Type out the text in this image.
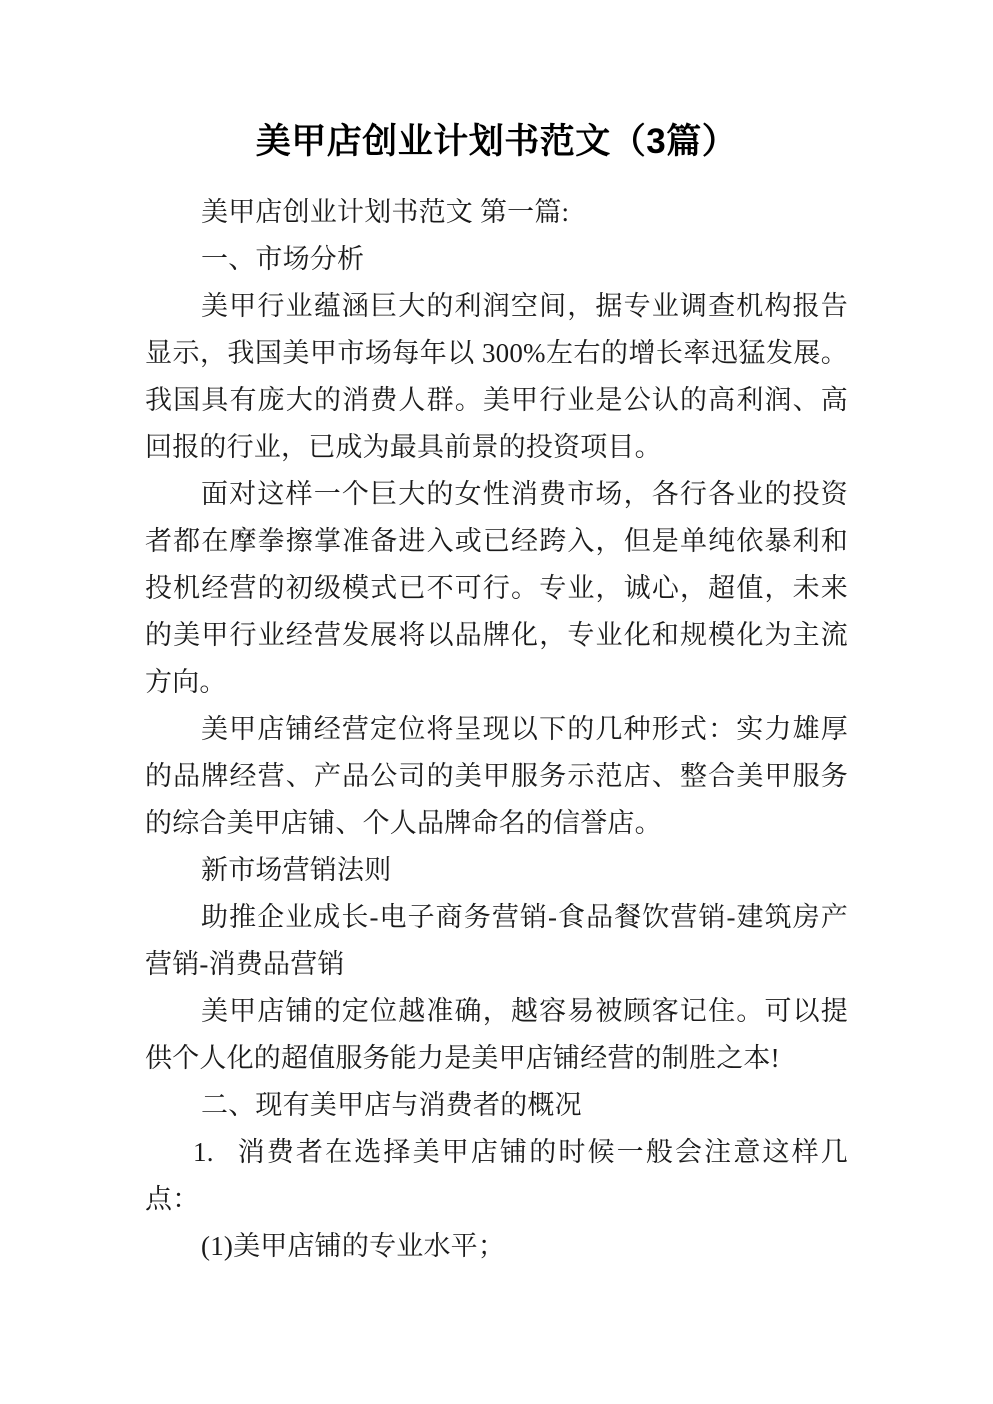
美甲店创业计划书范文（3篇）

美甲店创业计划书范文 第一篇:

一、市场分析

美甲行业蕴涵巨大的利润空间，据专业调查机构报告显示，我国美甲市场每年以 300%左右的增长率迅猛发展。我国具有庞大的消费人群。美甲行业是公认的高利润、高回报的行业，已成为最具前景的投资项目。

面对这样一个巨大的女性消费市场，各行各业的投资者都在摩拳擦掌准备进入或已经跨入，但是单纯依暴利和投机经营的初级模式已不可行。专业，诚心，超值，未来的美甲行业经营发展将以品牌化，专业化和规模化为主流方向。

美甲店铺经营定位将呈现以下的几种形式：实力雄厚的品牌经营、产品公司的美甲服务示范店、整合美甲服务的综合美甲店铺、个人品牌命名的信誉店。

新市场营销法则

助推企业成长-电子商务营销-食品餐饮营销-建筑房产营销-消费品营销

美甲店铺的定位越准确，越容易被顾客记住。可以提供个人化的超值服务能力是美甲店铺经营的制胜之本!

二、现有美甲店与消费者的概况

1. 消费者在选择美甲店铺的时候一般会注意这样几点：

(1)美甲店铺的专业水平；
